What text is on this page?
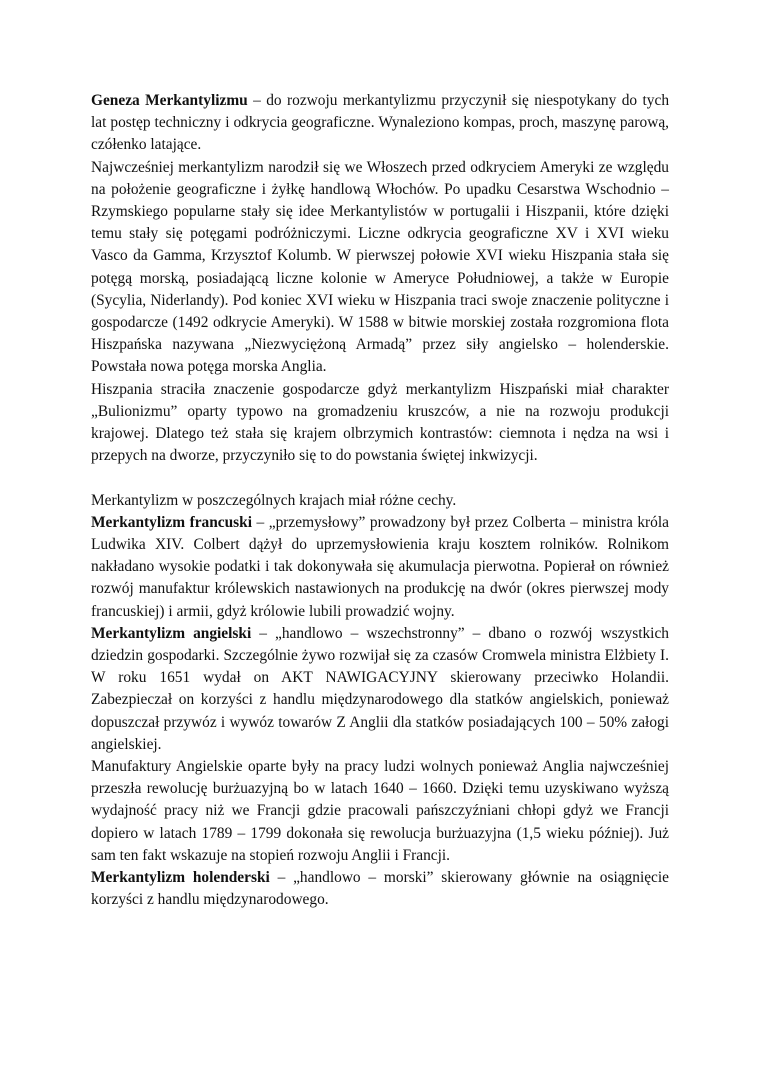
Geneza Merkantylizmu – do rozwoju merkantylizmu przyczynił się niespotykany do tych lat postęp techniczny i odkrycia geograficzne. Wynaleziono kompas, proch, maszynę parową, czółenko latające.

Najwcześniej merkantylizm narodził się we Włoszech przed odkryciem Ameryki ze względu na położenie geograficzne i żyłkę handlową Włochów. Po upadku Cesarstwa Wschodnio – Rzymskiego popularne stały się idee Merkantylistów w portugalii i Hiszpanii, które dzięki temu stały się potęgami podróżniczymi. Liczne odkrycia geograficzne XV i XVI wieku Vasco da Gamma, Krzysztof Kolumb. W pierwszej połowie XVI wieku Hiszpania stała się potęgą morską, posiadającą liczne kolonie w Ameryce Południowej, a także w Europie (Sycylia, Niderlandy). Pod koniec XVI wieku w Hiszpania traci swoje znaczenie polityczne i gospodarcze (1492 odkrycie Ameryki). W 1588 w bitwie morskiej została rozgromiona flota Hiszpańska nazywana „Niezwyciężoną Armadą” przez siły angielsko – holenderskie. Powstała nowa potęga morska Anglia.

Hiszpania straciła znaczenie gospodarcze gdyż merkantylizm Hiszpański miał charakter „Bulionizmu” oparty typowo na gromadzeniu kruszców, a nie na rozwoju produkcji krajowej. Dlatego też stała się krajem olbrzymich kontrastów: ciemnota i nędza na wsi i przepych na dworze, przyczyniło się to do powstania świętej inkwizycji.

Merkantylizm w poszczególnych krajach miał różne cechy.

Merkantylizm francuski – „przemysłowy” prowadzony był przez Colberta – ministra króla Ludwika XIV. Colbert dążył do uprzemysłowienia kraju kosztem rolników. Rolnikom nakładano wysokie podatki i tak dokonywała się akumulacja pierwotna. Popierał on również rozwój manufaktur królewskich nastawionych na produkcję na dwór (okres pierwszej mody francuskiej) i armii, gdyż królowie lubili prowadzić wojny.

Merkantylizm angielski – „handlowo – wszechstronny” – dbano o rozwój wszystkich dziedzin gospodarki. Szczególnie żywo rozwijał się za czasów Cromwela ministra Elżbiety I. W roku 1651 wydał on AKT NAWIGACYJNY skierowany przeciwko Holandii. Zabezpieczał on korzyści z handlu międzynarodowego dla statków angielskich, ponieważ dopuszczał przywóz i wywóz towarów Z Anglii dla statków posiadających 100 – 50% załogi angielskiej.

Manufaktury Angielskie oparte były na pracy ludzi wolnych ponieważ Anglia najwcześniej przeszła rewolucję burżuazyjną bo w latach 1640 – 1660. Dzięki temu uzyskiwano wyższą wydajność pracy niż we Francji gdzie pracowali pańszczyźniani chłopi gdyż we Francji dopiero w latach 1789 – 1799 dokonała się rewolucja burżuazyjna (1,5 wieku później). Już sam ten fakt wskazuje na stopień rozwoju Anglii i Francji.

Merkantylizm holenderski – „handlowo – morski” skierowany głównie na osiągnięcie korzyści z handlu międzynarodowego.
